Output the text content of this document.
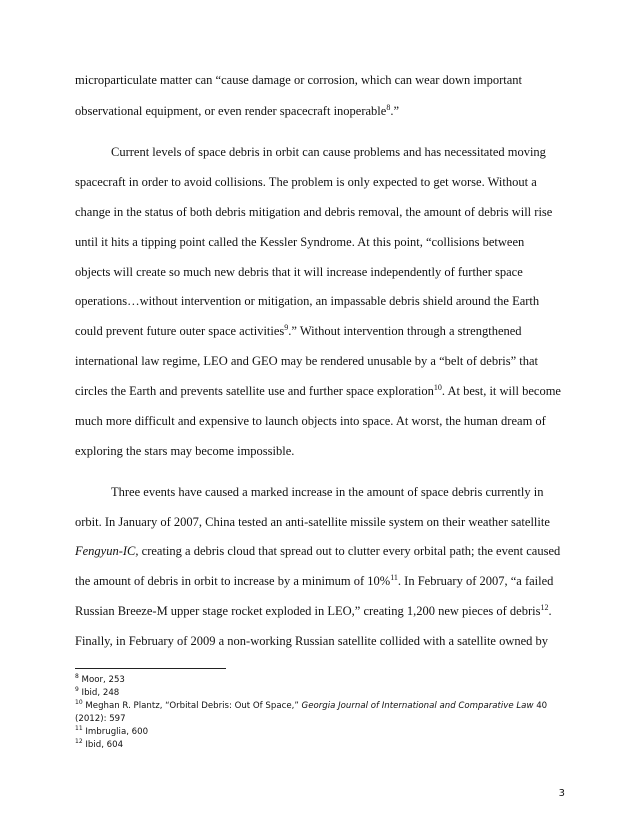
microparticulate matter can “cause damage or corrosion, which can wear down important

observational equipment, or even render spacecraft inoperable$^8$.”

Current levels of space debris in orbit can cause problems and has necessitated moving

spacecraft in order to avoid collisions. The problem is only expected to get worse. Without a

change in the status of both debris mitigation and debris removal, the amount of debris will rise

until it hits a tipping point called the Kessler Syndrome. At this point, “collisions between

objects will create so much new debris that it will increase independently of further space

operations…without intervention or mitigation, an impassable debris shield around the Earth

could prevent future outer space activities$^9$.” Without intervention through a strengthened

international law regime, LEO and GEO may be rendered unusable by a “belt of debris” that

circles the Earth and prevents satellite use and further space exploration$^{10}$. At best, it will become

much more difficult and expensive to launch objects into space. At worst, the human dream of

exploring the stars may become impossible.

Three events have caused a marked increase in the amount of space debris currently in

orbit. In January of 2007, China tested an anti-satellite missile system on their weather satellite

Fengyun-IC, creating a debris cloud that spread out to clutter every orbital path; the event caused

the amount of debris in orbit to increase by a minimum of 10%$^{11}$. In February of 2007, “a failed

Russian Breeze-M upper stage rocket exploded in LEO,” creating 1,200 new pieces of debris$^{12}$.

Finally, in February of 2009 a non-working Russian satellite collided with a satellite owned by

$^8$ Moor, 253

$^9$ Ibid, 248

$^{10}$ Meghan R. Plantz, “Orbital Debris: Out Of Space,” Georgia Journal of International and Comparative Law 40

(2012): 597

$^{11}$ Imbruglia, 600

$^{12}$ Ibid, 604

3
